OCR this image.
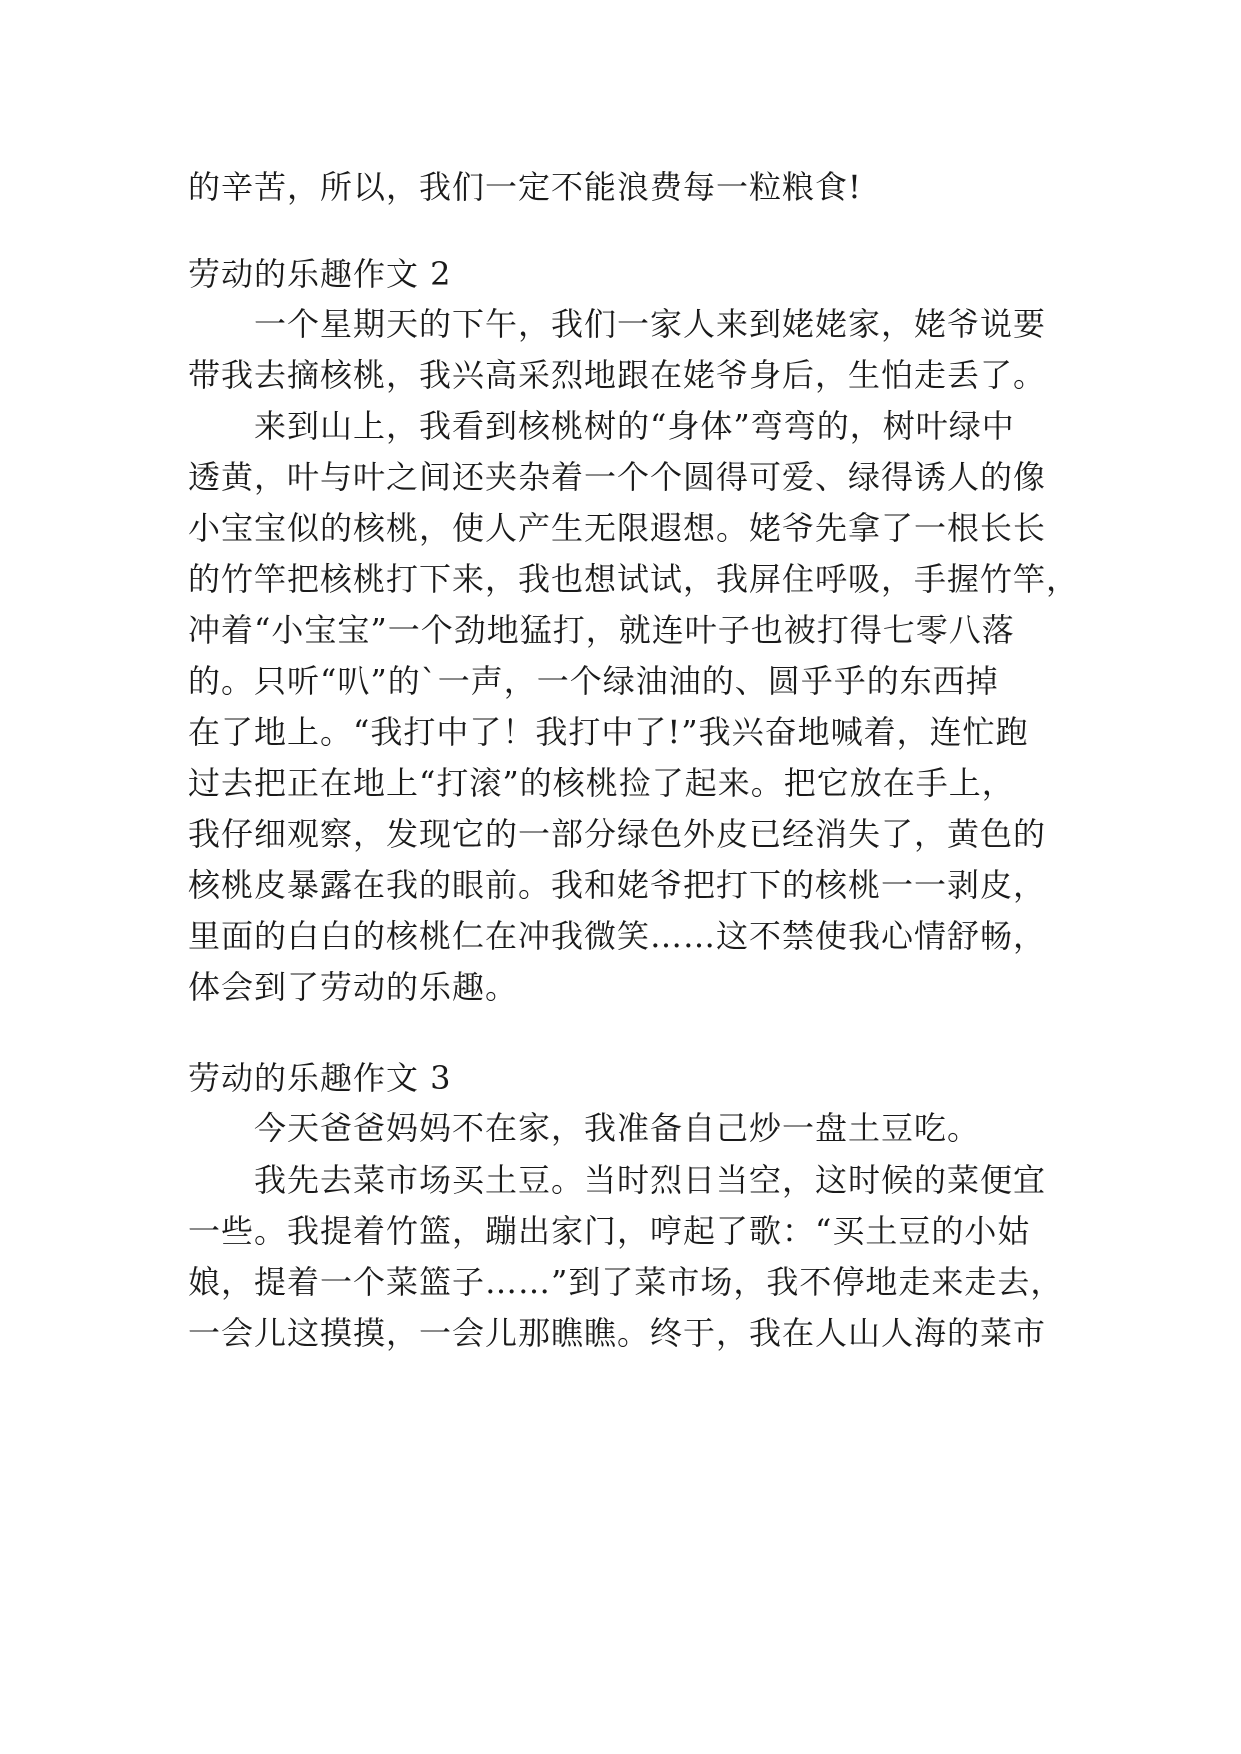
的辛苦，所以，我们一定不能浪费每一粒粮食!
劳动的乐趣作文 2
一个星期天的下午，我们一家人来到姥姥家，姥爷说要
带我去摘核桃，我兴高采烈地跟在姥爷身后，生怕走丢了。
来到山上，我看到核桃树的“身体”弯弯的，树叶绿中
透黄，叶与叶之间还夹杂着一个个圆得可爱、绿得诱人的像
小宝宝似的核桃，使人产生无限遐想。姥爷先拿了一根长长
的竹竿把核桃打下来，我也想试试，我屏住呼吸，手握竹竿，
冲着“小宝宝”一个劲地猛打，就连叶子也被打得七零八落
的。只听“叭”的`一声，一个绿油油的、圆乎乎的东西掉
在了地上。“我打中了！我打中了!”我兴奋地喊着，连忙跑
过去把正在地上“打滚”的核桃捡了起来。把它放在手上，
我仔细观察，发现它的一部分绿色外皮已经消失了，黄色的
核桃皮暴露在我的眼前。我和姥爷把打下的核桃一一剥皮，
里面的白白的核桃仁在冲我微笑……这不禁使我心情舒畅，
体会到了劳动的乐趣。
劳动的乐趣作文 3
今天爸爸妈妈不在家，我准备自己炒一盘土豆吃。
我先去菜市场买土豆。当时烈日当空，这时候的菜便宜
一些。我提着竹篮，蹦出家门，哼起了歌：“买土豆的小姑
娘，提着一个菜篮子……”到了菜市场，我不停地走来走去，
一会儿这摸摸，一会儿那瞧瞧。终于，我在人山人海的菜市
